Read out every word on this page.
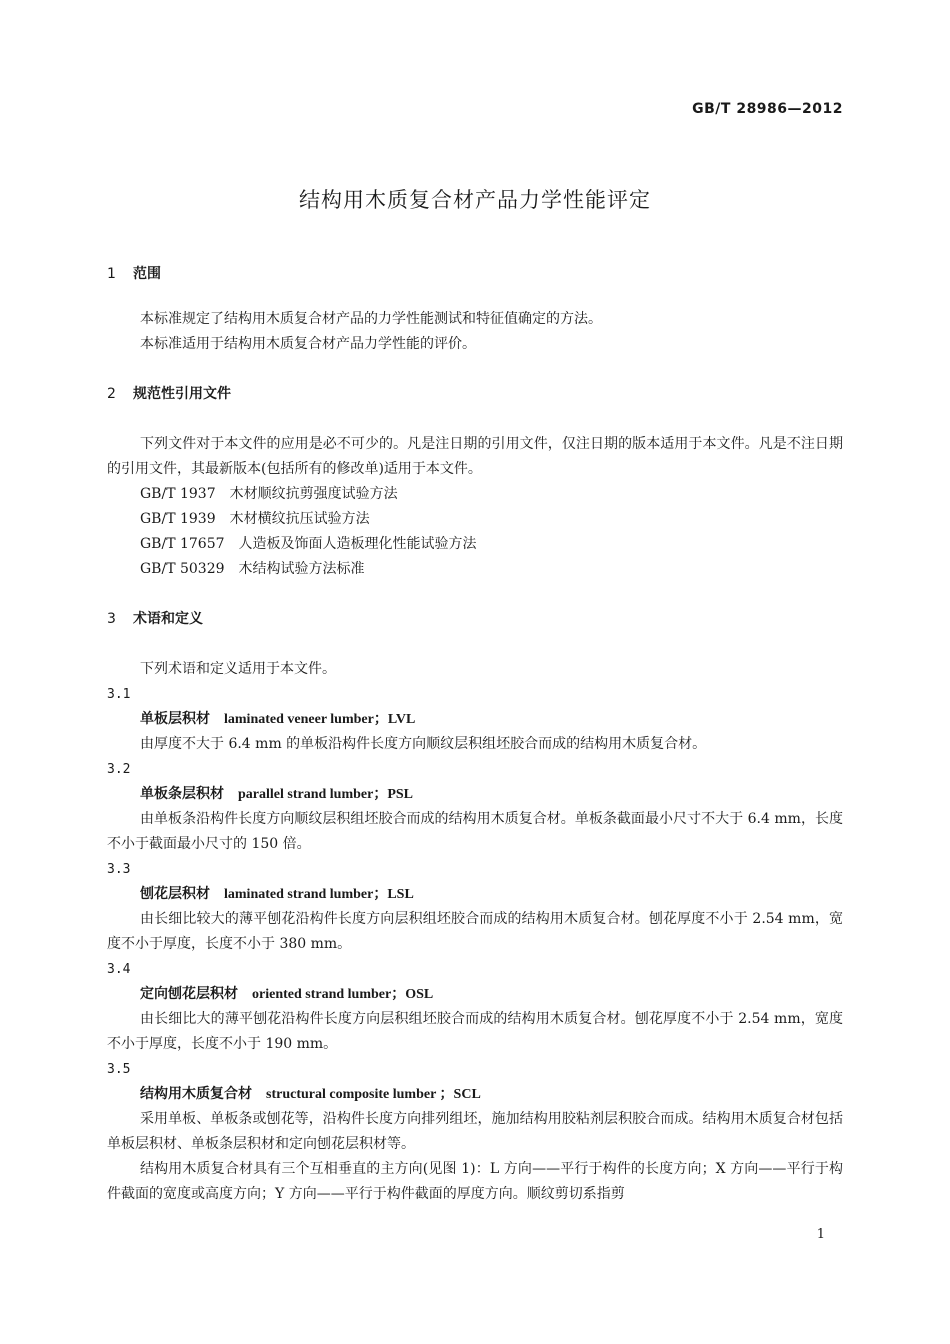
GB/T 28986—2012
结构用木质复合材产品力学性能评定
1 范围

本标准规定了结构用木质复合材产品的力学性能测试和特征值确定的方法。

本标准适用于结构用木质复合材产品力学性能的评价。

2 规范性引用文件

下列文件对于本文件的应用是必不可少的。凡是注日期的引用文件，仅注日期的版本适用于本文件。凡是不注日期的引用文件，其最新版本(包括所有的修改单)适用于本文件。

GB/T 1937 木材顺纹抗剪强度试验方法
GB/T 1939 木材横纹抗压试验方法
GB/T 17657 人造板及饰面人造板理化性能试验方法
GB/T 50329 木结构试验方法标准
3 术语和定义

下列术语和定义适用于本文件。

3.1
单板层积材 laminated veneer lumber；LVL

由厚度不大于 6.4 mm 的单板沿构件长度方向顺纹层积组坯胶合而成的结构用木质复合材。

3.2
单板条层积材 parallel strand lumber；PSL

由单板条沿构件长度方向顺纹层积组坯胶合而成的结构用木质复合材。单板条截面最小尺寸不大于 6.4 mm，长度不小于截面最小尺寸的 150 倍。

3.3
刨花层积材 laminated strand lumber；LSL

由长细比较大的薄平刨花沿构件长度方向层积组坯胶合而成的结构用木质复合材。刨花厚度不小于 2.54 mm，宽度不小于厚度，长度不小于 380 mm。

3.4
定向刨花层积材 oriented strand lumber；OSL

由长细比大的薄平刨花沿构件长度方向层积组坯胶合而成的结构用木质复合材。刨花厚度不小于 2.54 mm，宽度不小于厚度，长度不小于 190 mm。

3.5
结构用木质复合材 structural composite lumber ；SCL

采用单板、单板条或刨花等，沿构件长度方向排列组坯，施加结构用胶粘剂层积胶合而成。结构用木质复合材包括单板层积材、单板条层积材和定向刨花层积材等。

结构用木质复合材具有三个互相垂直的主方向(见图 1)：L 方向——平行于构件的长度方向；X 方向——平行于构件截面的宽度或高度方向；Y 方向——平行于构件截面的厚度方向。顺纹剪切系指剪

1
